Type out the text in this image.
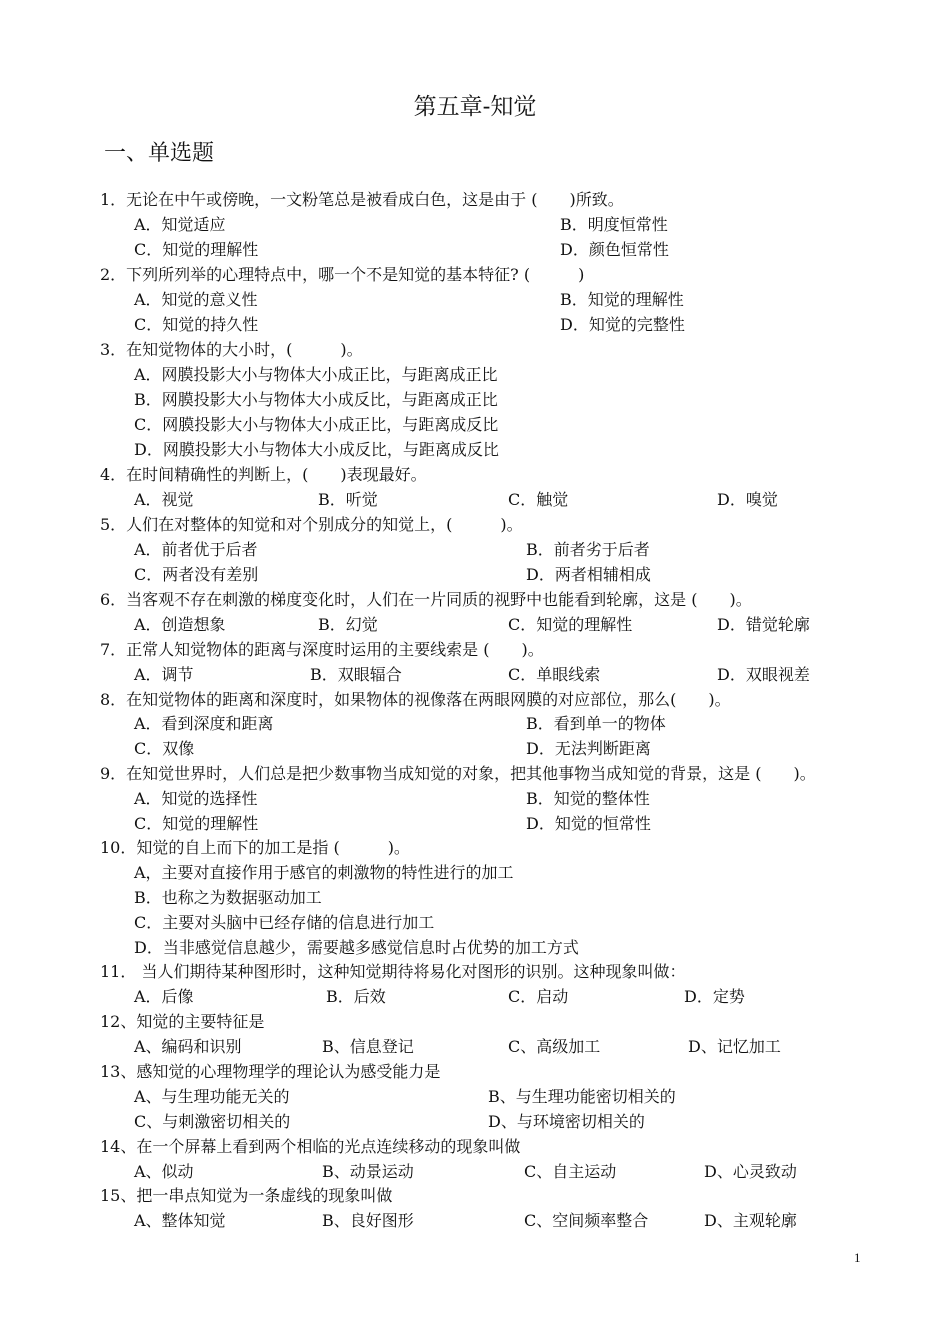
第五章-知觉
一、单选题
1．无论在中午或傍晚，一文粉笔总是被看成白色，这是由于 (　　)所致。
A．知觉适应	B．明度恒常性
C．知觉的理解性	D．颜色恒常性
2．下列所列举的心理特点中，哪一个不是知觉的基本特征? (　　　)
A．知觉的意义性	B．知觉的理解性
C．知觉的持久性	D．知觉的完整性
3．在知觉物体的大小时，(　　　)。
A．网膜投影大小与物体大小成正比，与距离成正比
B．网膜投影大小与物体大小成反比，与距离成正比
C．网膜投影大小与物体大小成正比，与距离成反比
D．网膜投影大小与物体大小成反比，与距离成反比
4．在时间精确性的判断上，(　　)表现最好。
A．视觉	B．听觉	C．触觉	D．嗅觉
5．人们在对整体的知觉和对个别成分的知觉上，(　　　)。
A．前者优于后者	B．前者劣于后者
C．两者没有差别	D．两者相辅相成
6．当客观不存在刺激的梯度变化时，人们在一片同质的视野中也能看到轮廓，这是 (　　)。
A．创造想象	B．幻觉	C．知觉的理解性	D．错觉轮廓
7．正常人知觉物体的距离与深度时运用的主要线索是 (　　)。
A．调节	B．双眼辐合	C．单眼线索	D．双眼视差
8．在知觉物体的距离和深度时，如果物体的视像落在两眼网膜的对应部位，那么(　　)。
A．看到深度和距离	B．看到单一的物体
C．双像	D．无法判断距离
9．在知觉世界时，人们总是把少数事物当成知觉的对象，把其他事物当成知觉的背景，这是 (　　)。
A．知觉的选择性	B．知觉的整体性
C．知觉的理解性	D．知觉的恒常性
10．知觉的自上而下的加工是指 (　　　)。
A，主要对直接作用于感官的刺激物的特性进行的加工
B．也称之为数据驱动加工
C．主要对头脑中已经存储的信息进行加工
D．当非感觉信息越少，需要越多感觉信息时占优势的加工方式
11． 当人们期待某种图形时，这种知觉期待将易化对图形的识别。这种现象叫做：
A．后像	B．后效	C．启动	D．定势
12、知觉的主要特征是
A、编码和识别	B、信息登记	C、高级加工	D、记忆加工
13、感知觉的心理物理学的理论认为感受能力是
A、与生理功能无关的	B、与生理功能密切相关的
C、与刺激密切相关的	D、与环境密切相关的
14、在一个屏幕上看到两个相临的光点连续移动的现象叫做
A、似动	B、动景运动	C、自主运动	D、心灵致动
15、把一串点知觉为一条虚线的现象叫做
A、整体知觉	B、良好图形	C、空间频率整合	D、主观轮廓
1
